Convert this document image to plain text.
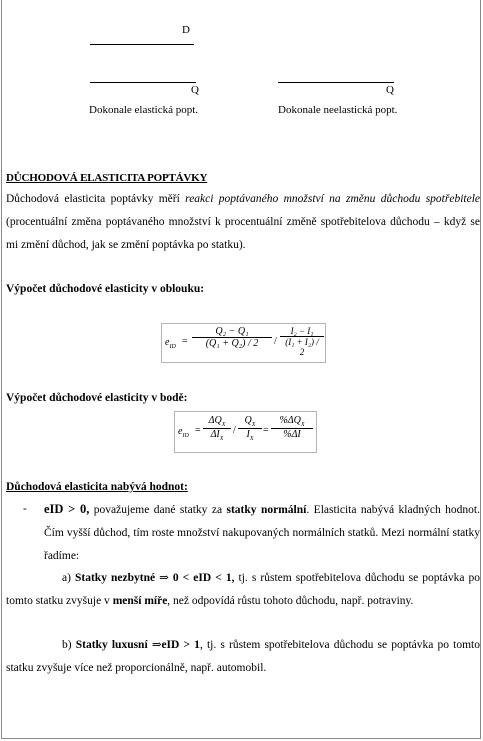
D
Q	Q
Dokonale elastická popt.	Dokonale neelastická popt.
DŮCHODOVÁ ELASTICITA POPTÁVKY
Důchodová elasticita poptávky měří reakci poptávaného množství na změnu důchodu spotřebitele (procentuální změna poptávaného množství k procentuální změně spotřebitelova důchodu – když se mi změní důchod, jak se změní poptávka po statku).
Výpočet důchodové elasticity v oblouku:
$e_{ID} = \frac{\text{Q₂ − Q₁}}{\text{(Q₁ + Q₂) / 2}} / \frac{\text{I₂ − I₁}}{\text{(I₁ + I₂) / 2}}$
Výpočet důchodové elasticity v bodě:
$e_{ID}$ =
$\Delta Q_X$
$\Delta I_X$
/ $\frac{Q_X}{I_X}$ =
$\%\Delta Q_X$
%ΔI
Důchodová elasticita nabývá hodnot:
- eID > 0, považujeme dané statky za statky normální. Elasticita nabývá kladných hodnot. Čím vyšší důchod, tím roste množství nakupovaných normálních statků. Mezi normální statky řadíme:
a) Statky nezbytné ⇒ 0 < eID < 1, tj. s růstem spotřebitelova důchodu se poptávka po tomto statku zvyšuje v menší míře, než odpovídá růstu tohoto důchodu, např. potraviny.
b) Statky luxusní ⇒eID > 1, tj. s růstem spotřebitelova důchodu se poptávka po tomto statku zvyšuje více než proporcionálně, např. automobil.
